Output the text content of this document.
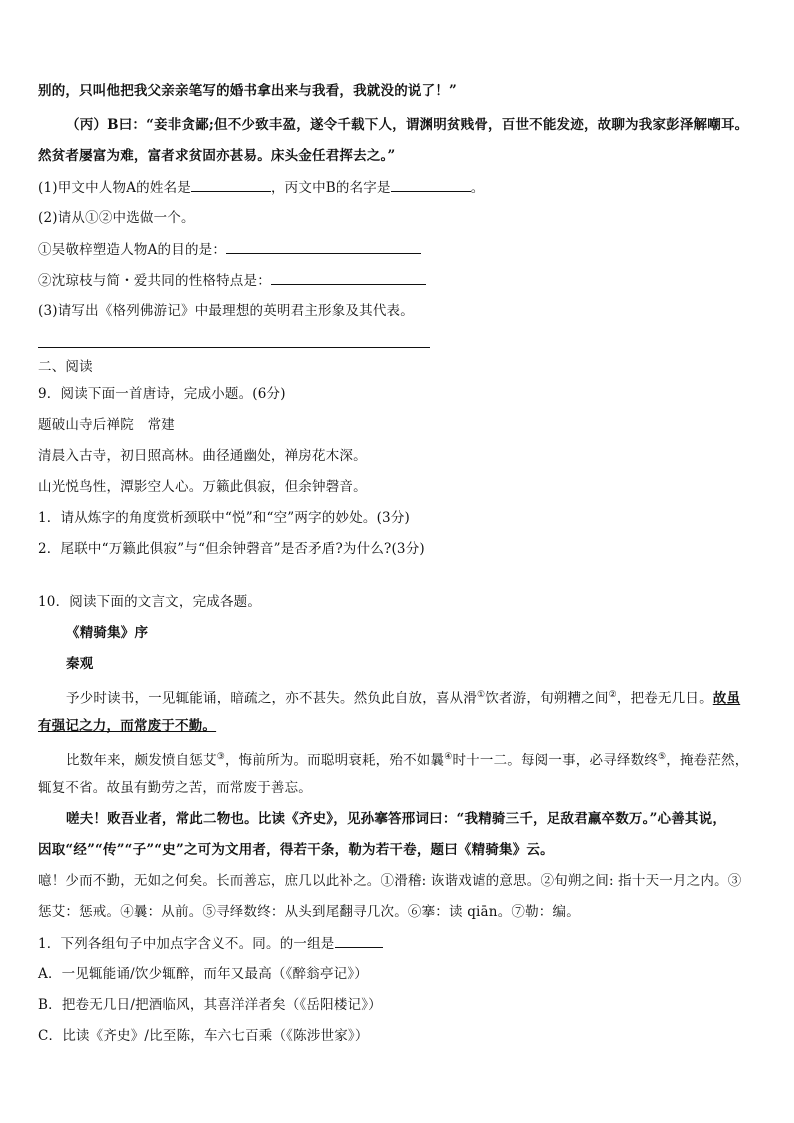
别的，只叫他把我父亲亲笔写的婚书拿出来与我看，我就没的说了！”
（丙）B曰：“妾非贪鄙;但不少致丰盈，遂令千载下人，谓渊明贫贱骨，百世不能发迹，故聊为我家彭泽解嘲耳。
然贫者屡富为难，富者求贫固亦甚易。床头金任君挥去之。”
(1)甲文中人物A的姓名是	，丙文中B的名字是	。
(2)请从①②中选做一个。
①吴敬梓塑造人物A的目的是：
②沈琼枝与简・爱共同的性格特点是：
(3)请写出《格列佛游记》中最理想的英明君主形象及其代表。
二、阅读
9．阅读下面一首唐诗，完成小题。(6分)
题破山寺后禅院　常建
清晨入古寺，初日照高林。曲径通幽处，禅房花木深。
山光悦鸟性，潭影空人心。万籁此俱寂，但余钟磬音。
1．请从炼字的角度赏析颈联中“悦”和“空”两字的妙处。(3分)
2．尾联中“万籁此俱寂”与“但余钟磬音”是否矛盾?为什么?(3分)
10．阅读下面的文言文，完成各题。
《精骑集》序
秦观
予少时读书，一见辄能诵，暗疏之，亦不甚失。然负此自放，喜从滑①饮者游，旬朔糟之间②，把卷无几日。故虽
有强记之力，而常废于不勤。
比数年来，颇发愤自惩艾③，悔前所为。而聪明衰耗，殆不如曩④时十一二。每阅一事，必寻绎数终⑤，掩卷茫然，
辄复不省。故虽有勤劳之苦，而常废于善忘。
嗟夫！败吾业者，常此二物也。比读《齐史》，见孙搴答邢词曰：“我精骑三千，足敌君羸卒数万。”心善其说，
因取“经”“传”“子”“史”之可为文用者，得若干条，勒为若干卷，题曰《精骑集》云。
噫！少而不勤，无如之何矣。长而善忘，庶几以此补之。①滑稽: 诙谐戏谑的意思。②旬朔之间: 指十天一月之内。③
惩艾：惩戒。④曩：从前。⑤寻绎数终：从头到尾翻寻几次。⑥搴：读 qiān。⑦勒：编。
1．下列各组句子中加点字含义不。同。的一组是
A．一见辄能诵/饮少辄醉，而年又最高（《醉翁亭记》）
B．把卷无几日/把酒临风，其喜洋洋者矣（《岳阳楼记》）
C．比读《齐史》/比至陈，车六七百乘（《陈涉世家》）
